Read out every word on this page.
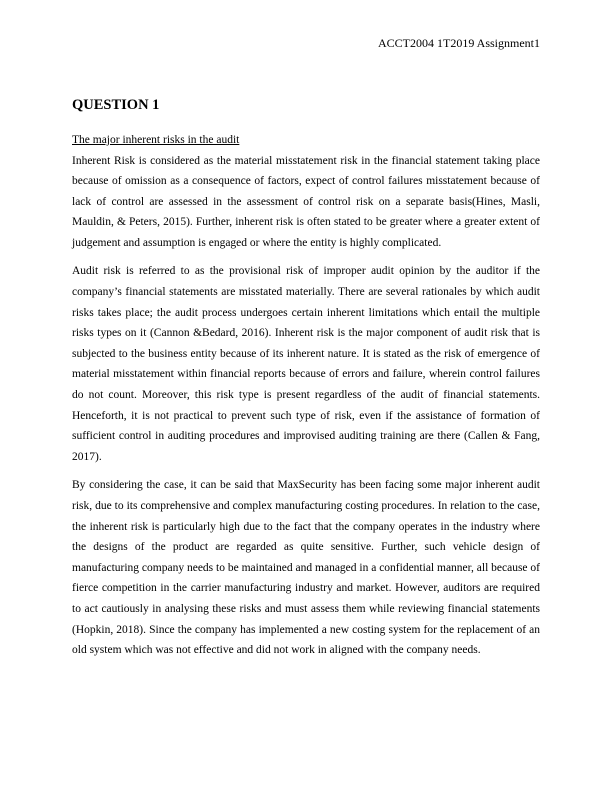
ACCT2004 1T2019 Assignment1
QUESTION 1

The major inherent risks in the audit

Inherent Risk is considered as the material misstatement risk in the financial statement taking place because of omission as a consequence of factors, expect of control failures misstatement because of lack of control are assessed in the assessment of control risk on a separate basis(Hines, Masli, Mauldin, & Peters, 2015). Further, inherent risk is often stated to be greater where a greater extent of judgement and assumption is engaged or where the entity is highly complicated.

Audit risk is referred to as the provisional risk of improper audit opinion by the auditor if the company’s financial statements are misstated materially. There are several rationales by which audit risks takes place; the audit process undergoes certain inherent limitations which entail the multiple risks types on it (Cannon &Bedard, 2016). Inherent risk is the major component of audit risk that is subjected to the business entity because of its inherent nature. It is stated as the risk of emergence of material misstatement within financial reports because of errors and failure, wherein control failures do not count. Moreover, this risk type is present regardless of the audit of financial statements. Henceforth, it is not practical to prevent such type of risk, even if the assistance of formation of sufficient control in auditing procedures and improvised auditing training are there (Callen & Fang, 2017).

By considering the case, it can be said that MaxSecurity has been facing some major inherent audit risk, due to its comprehensive and complex manufacturing costing procedures. In relation to the case, the inherent risk is particularly high due to the fact that the company operates in the industry where the designs of the product are regarded as quite sensitive. Further, such vehicle design of manufacturing company needs to be maintained and managed in a confidential manner, all because of fierce competition in the carrier manufacturing industry and market. However, auditors are required to act cautiously in analysing these risks and must assess them while reviewing financial statements (Hopkin, 2018). Since the company has implemented a new costing system for the replacement of an old system which was not effective and did not work in aligned with the company needs.
